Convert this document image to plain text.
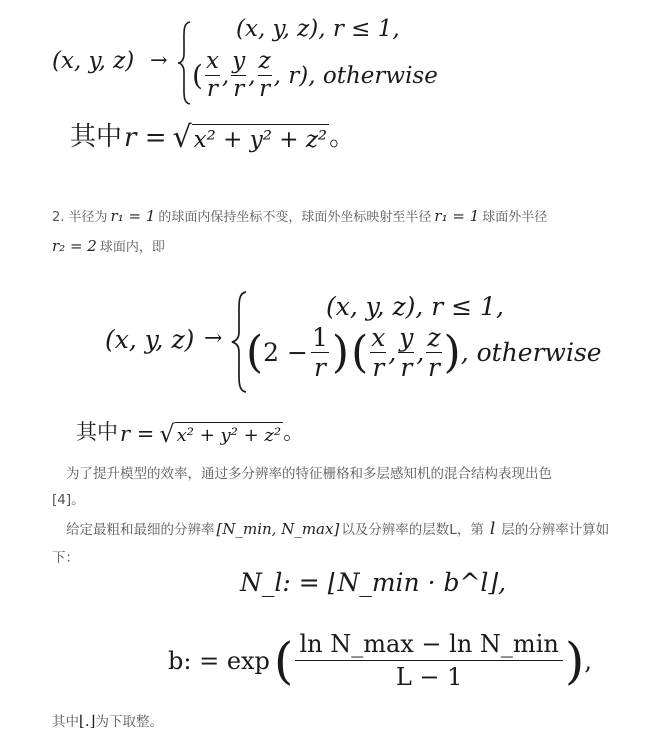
(x, y, z) →
(x, y, z), r ≤ 1,
( $\frac{x}{r}$ , $\frac{y}{r}$ , $\frac{z}{r}$ , r), otherwise
其中 r = √ x² + y² + z² 。
2. 半径为 r₁ = 1 的球面内保持坐标不变，球面外坐标映射至半径 r₁ = 1 球面外半径
r₂ = 2 球面内，即
(x, y, z) →
(x, y, z), r ≤ 1,
( $2 - \frac{1}{r}$ ) ( $\frac{x}{r}$ , $\frac{y}{r}$ , $\frac{z}{r}$ ) , otherwise
其中 r = √ x² + y² + z² 。
为了提升模型的效率，通过多分辨率的特征栅格和多层感知机的混合结构表现出色
[4]。
给定最粗和最细的分辨率 [N_min, N_max] 以及分辨率的层数L，第 l 层的分辨率计算如
下：
N_l: = ⌊N_min · b^l⌋,
b: = exp ( $\frac{\text{ln N\_max − ln N\_min}}{L - 1}$ ) ,
其中 ⌊.⌋ 为下取整。
